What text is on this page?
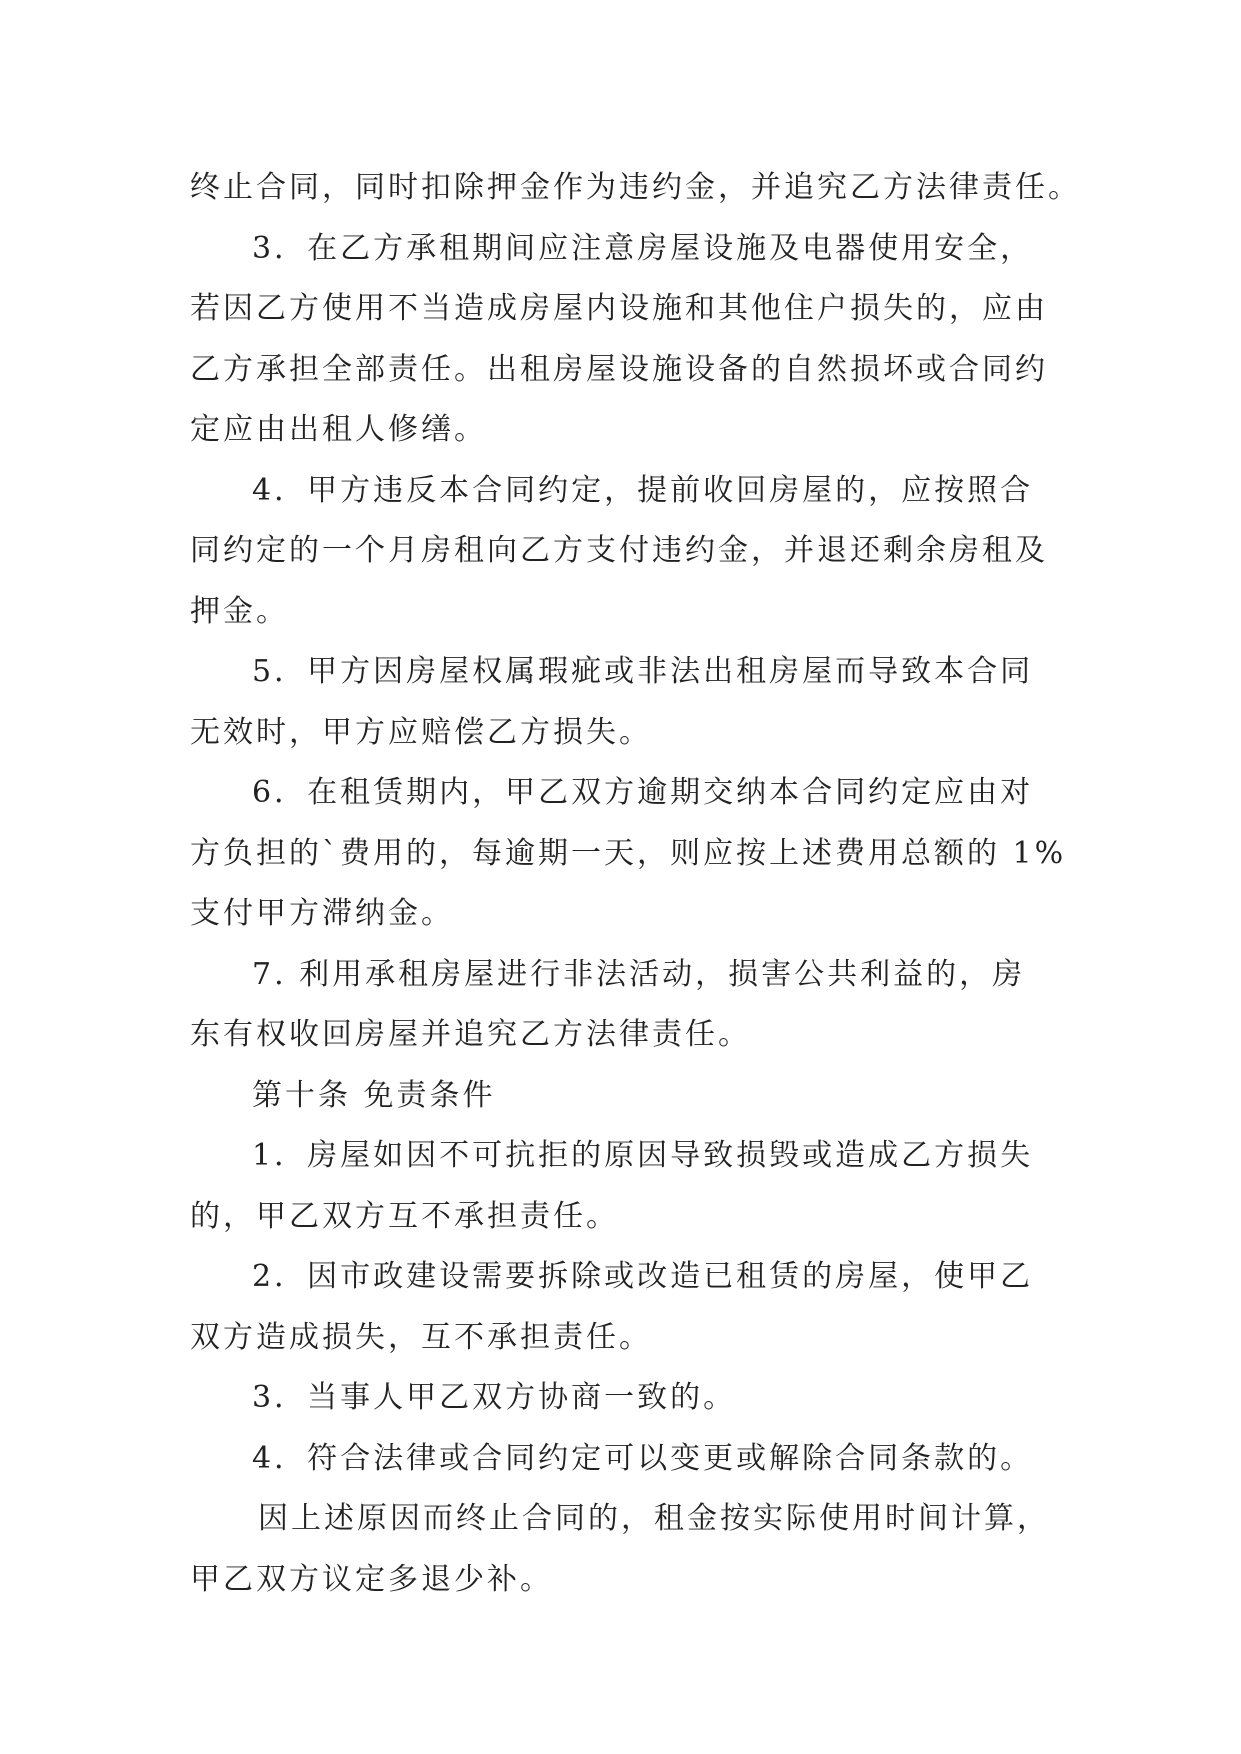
终止合同，同时扣除押金作为违约金，并追究乙方法律责任。
3．在乙方承租期间应注意房屋设施及电器使用安全，
若因乙方使用不当造成房屋内设施和其他住户损失的，应由
乙方承担全部责任。出租房屋设施设备的自然损坏或合同约
定应由出租人修缮。
4．甲方违反本合同约定，提前收回房屋的，应按照合
同约定的一个月房租向乙方支付违约金，并退还剩余房租及
押金。
5．甲方因房屋权属瑕疵或非法出租房屋而导致本合同
无效时，甲方应赔偿乙方损失。
6．在租赁期内，甲乙双方逾期交纳本合同约定应由对
方负担的`费用的，每逾期一天，则应按上述费用总额的 1%
支付甲方滞纳金。
7. 利用承租房屋进行非法活动，损害公共利益的，房
东有权收回房屋并追究乙方法律责任。
第十条 免责条件
1．房屋如因不可抗拒的原因导致损毁或造成乙方损失
的，甲乙双方互不承担责任。
2．因市政建设需要拆除或改造已租赁的房屋，使甲乙
双方造成损失，互不承担责任。
3．当事人甲乙双方协商一致的。
4．符合法律或合同约定可以变更或解除合同条款的。
因上述原因而终止合同的，租金按实际使用时间计算，
甲乙双方议定多退少补。
